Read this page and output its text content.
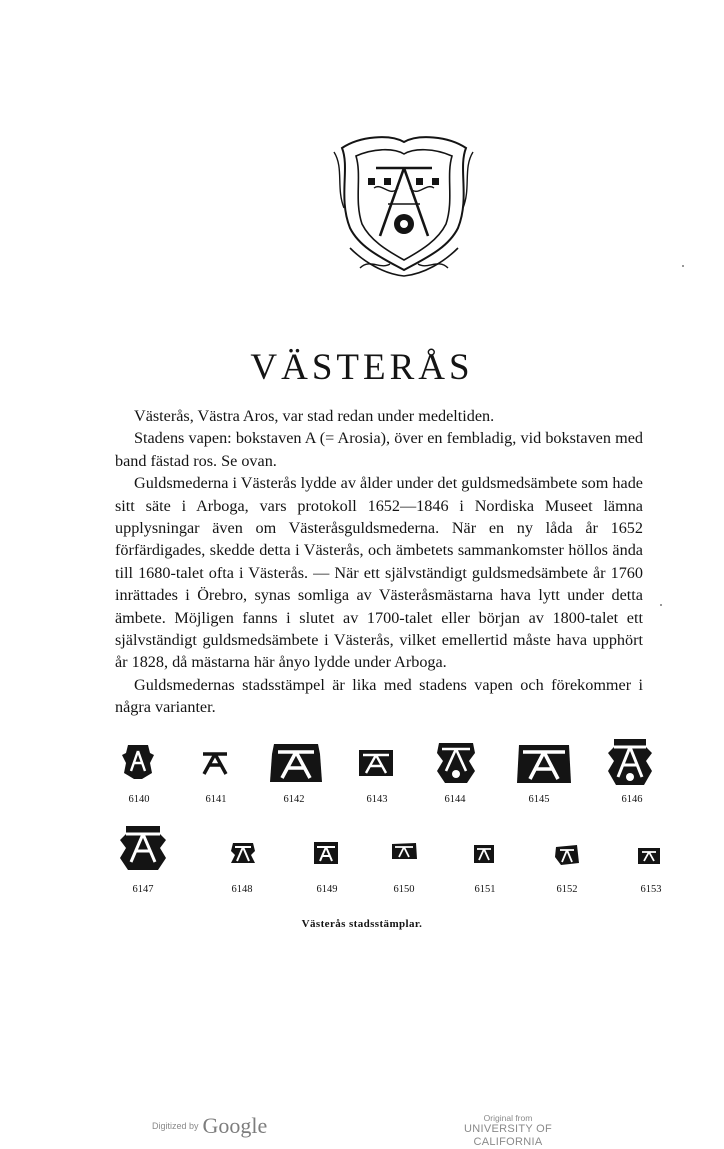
VÄSTERÅS

Västerås, Västra Aros, var stad redan under medeltiden.

Stadens vapen: bokstaven A (= Arosia), över en fembladig, vid bokstaven med band fästad ros. Se ovan.

Guldsmederna i Västerås lydde av ålder under det guldsmedsämbete som hade sitt säte i Arboga, vars protokoll 1652—1846 i Nordiska Museet lämna upplysningar även om Västeråsguldsmederna. När en ny låda år 1652 förfärdigades, skedde detta i Västerås, och ämbetets sammankomster höllos ända till 1680-talet ofta i Västerås. — När ett självständigt guldsmedsämbete år 1760 inrättades i Örebro, synas somliga av Västeråsmästarna hava lytt under detta ämbete. Möjligen fanns i slutet av 1700-talet eller början av 1800-talet ett självständigt guldsmedsämbete i Västerås, vilket emellertid måste hava upphört år 1828, då mästarna här ånyo lydde under Arboga.

Guldsmedernas stadsstämpel är lika med stadens vapen och förekommer i några varianter.

6140	6141	6142	6143	6144	6145	6146
6147	6148	6149	6150	6151	6152	6153
Västerås stadsstämplar.
Digitized by Google	Original from
UNIVERSITY OF CALIFORNIA
